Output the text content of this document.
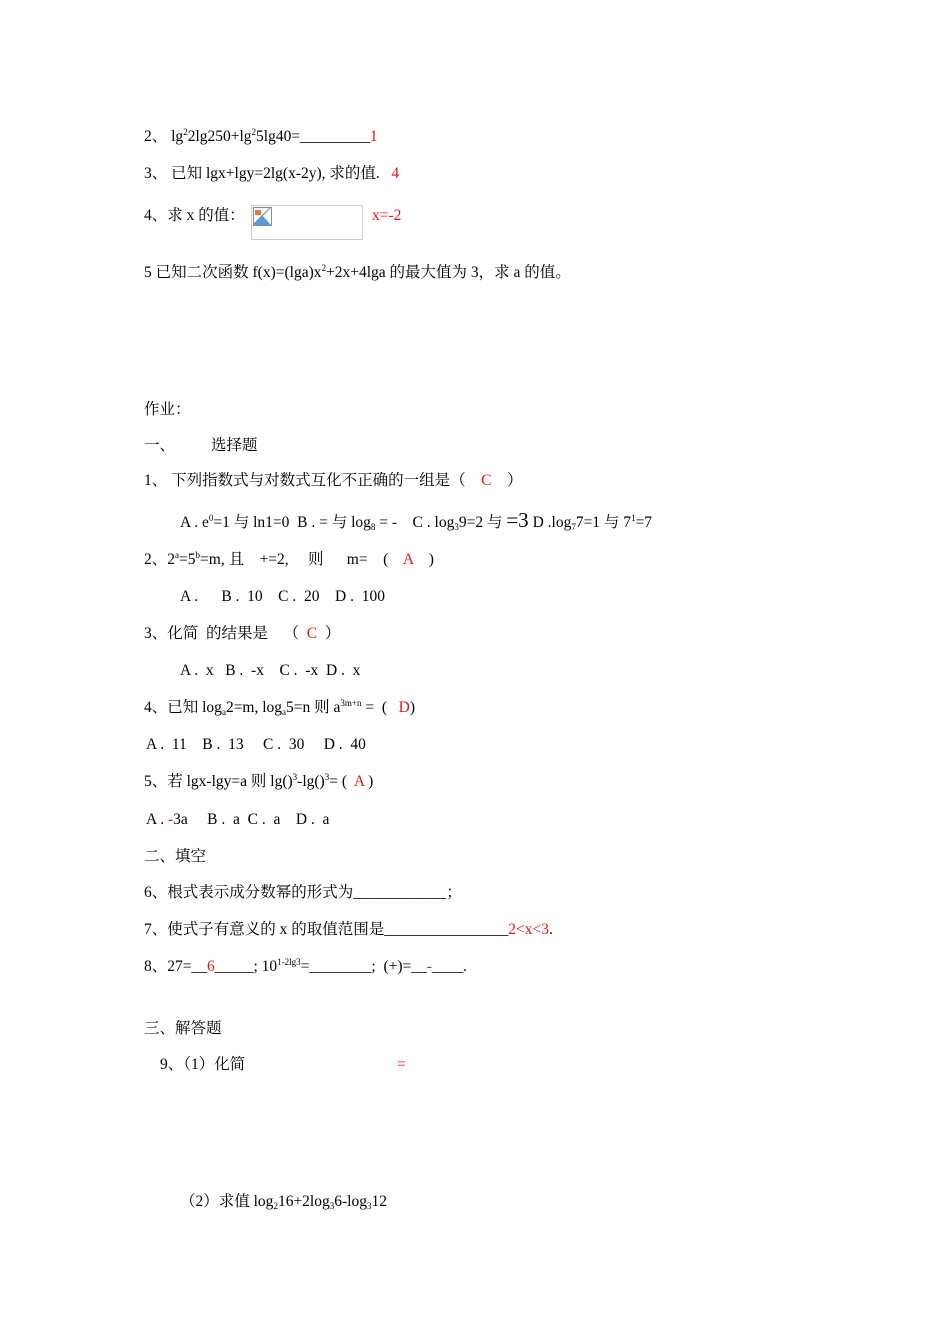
2、 $\lg^22\lg 250+\lg^25\lg 40=\_\_\_\_\_\_\_\_\_1$
3、 已知 lgx+lgy=2lg(x-2y), 求的值. 4
4、求 x 的值：	x=-2
5 已知二次函数 $f(x)=(\lg a)x^2+2x+4\lg a$ 的最大值为 3，求 a 的值。
作业：
一、 选择题
1、 下列指数式与对数式互化不正确的一组是（ C ）
A . $e^0=1$ 与 ln1=0  B . = 与 $\log_8$ = -    C . $\log_39=2$ 与 =3 D $.\log_77=1$ 与 $7^1=7$
2、$2^a=5^b=m$, 且    +=2,     则      m=    (    A    )
A .      B .  10    C .  20    D .  100
3、化简  的结果是    （  C  ）
A .  x   B .  -x    C .  -x  D .  x
4、已知 $\log_a2=m$, $\log_a5=n$ 则 $a^{3m+n}$ =  (   D)
A .  11    B .  13     C .  30     D .  40
5、若 lgx-lgy=a 则 lg()$^3$-lg()$^3$= (  A )
A . -3a     B .  a  C .  a    D .  a
二、填空
6、根式表示成分数幂的形式为____________；
7、使式子有意义的 x 的取值范围是________________2<x<3.
8、27=__6_____; $10^{1-2lg3}=\_\_\_\_\_\_\_\_$;  (+)=__-____.
三、解答题
9、（1）化简	=
（2）求值 $\log_216+2\log_36-\log_312$
